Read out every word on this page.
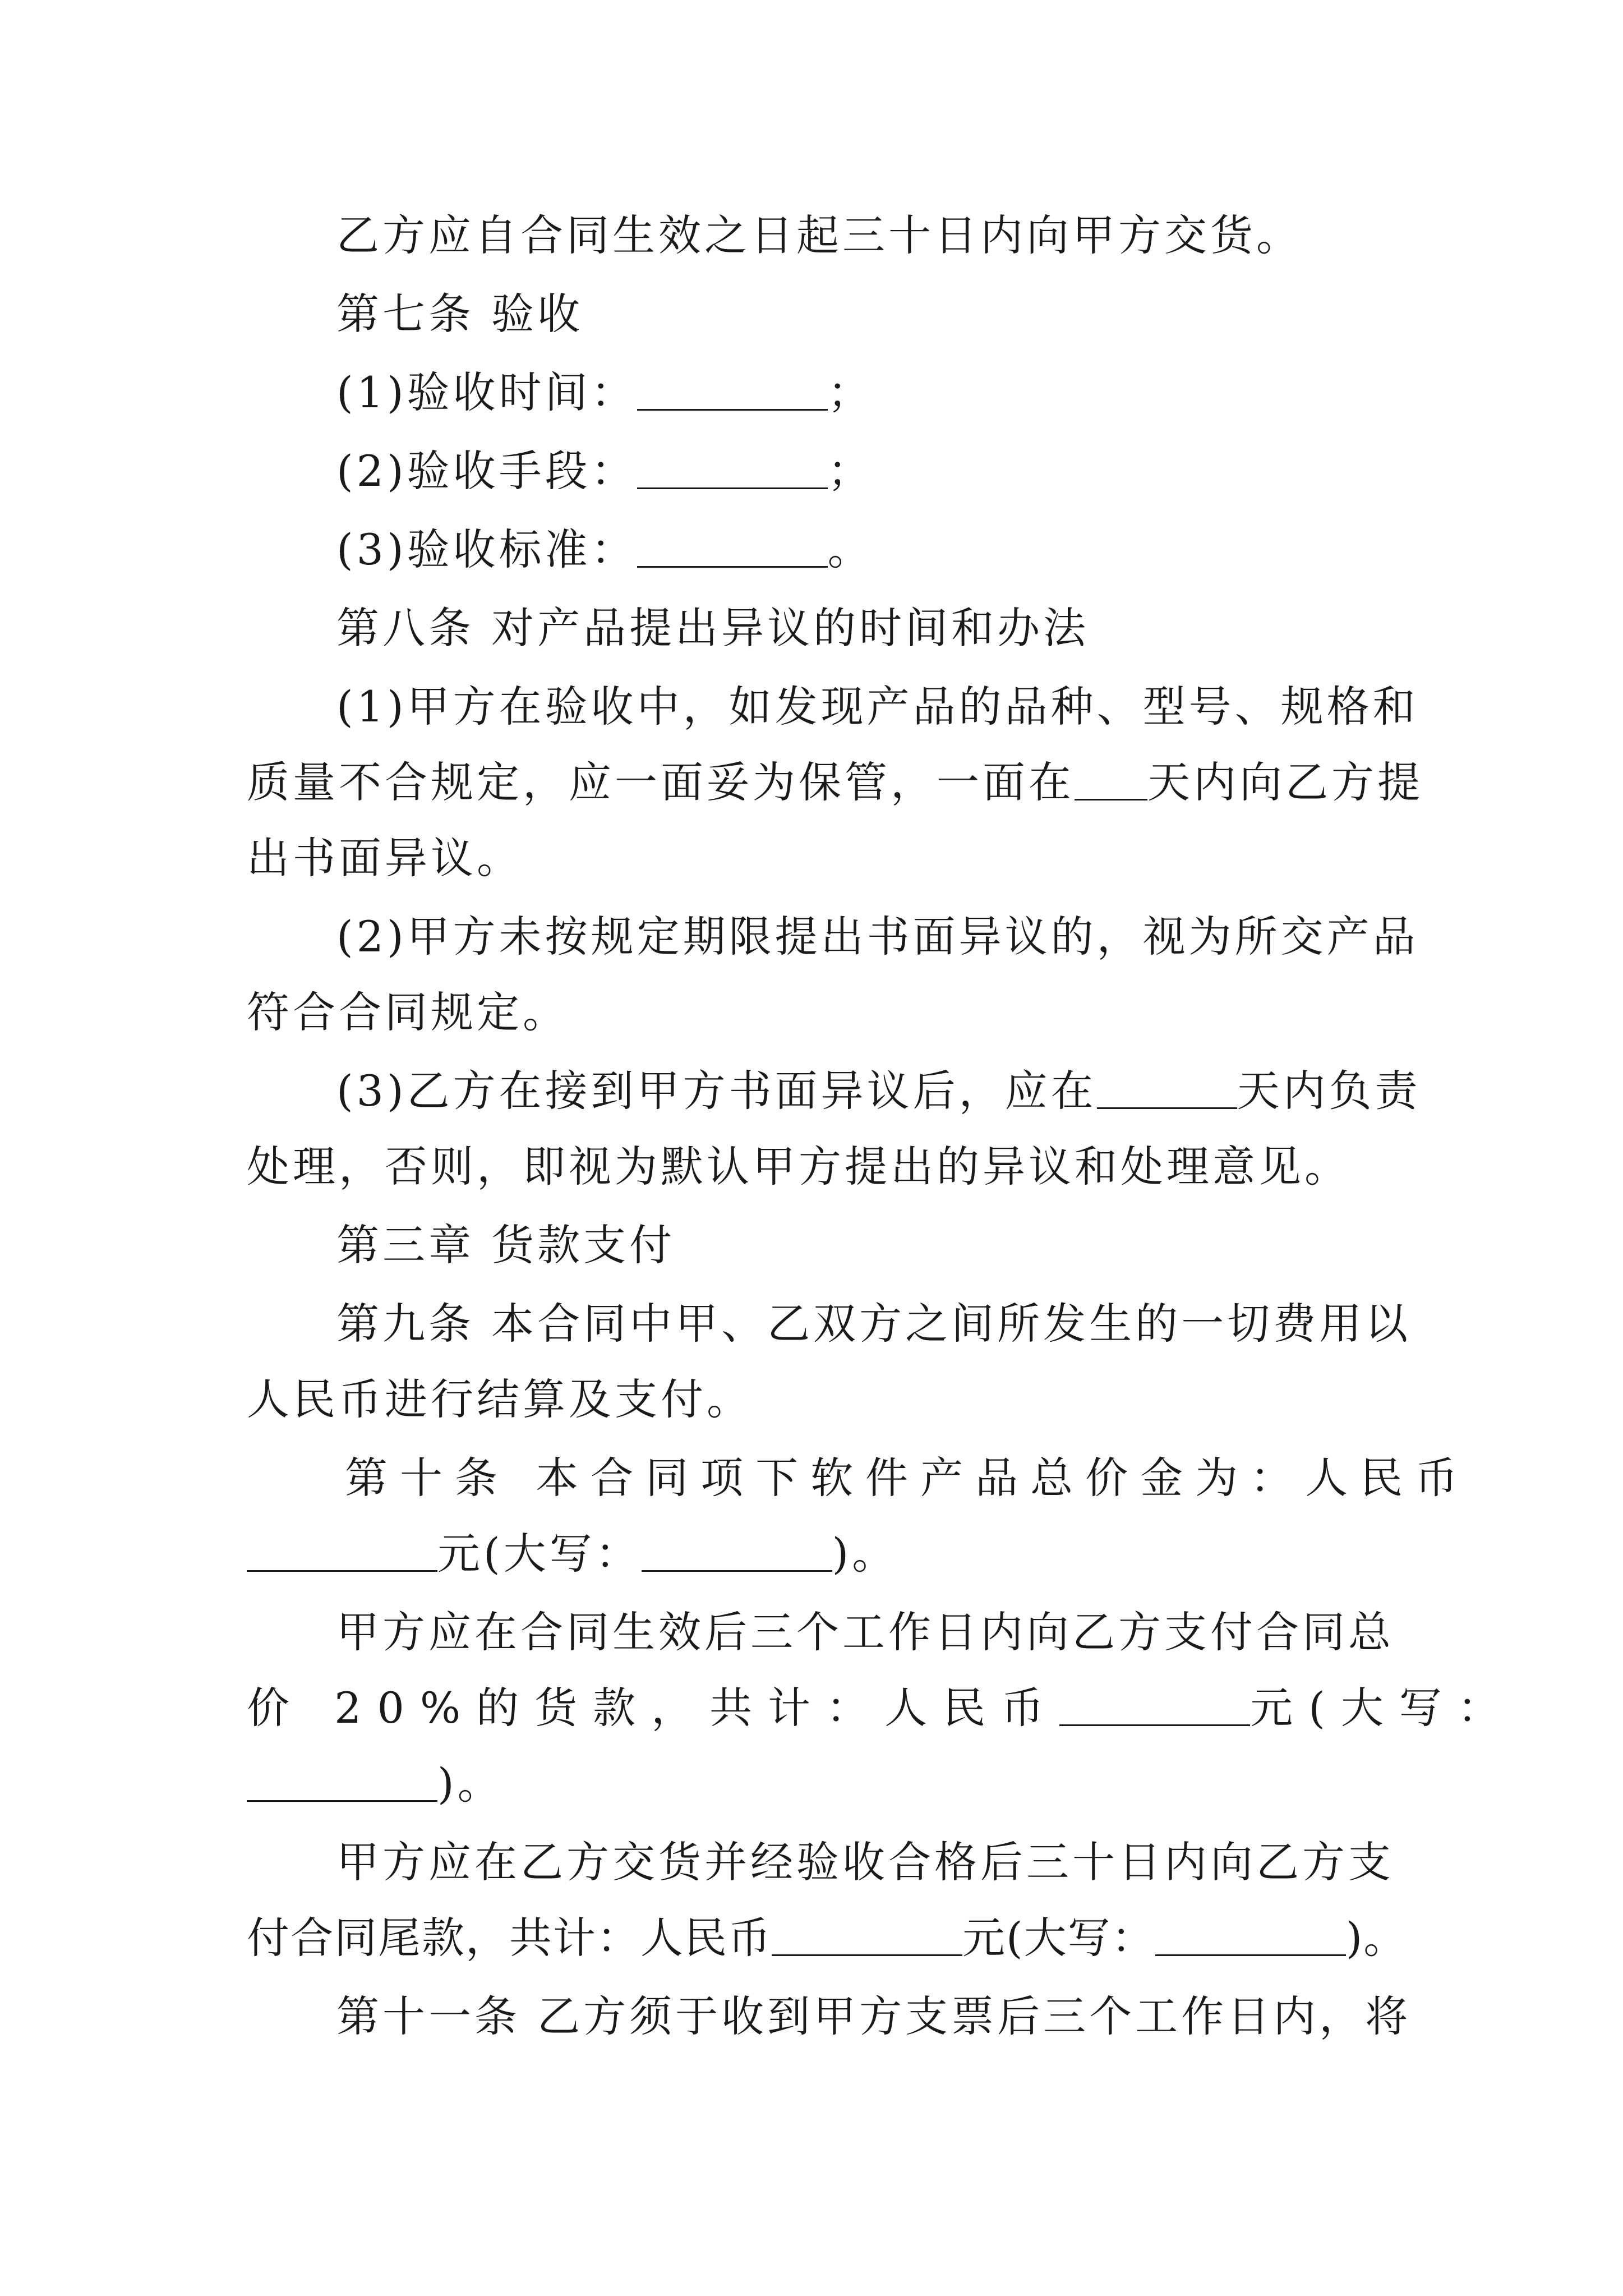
乙方应自合同生效之日起三十日内向甲方交货。
第七条 验收
(1)验收时间：	；
(2)验收手段：	；
(3)验收标准：	。
第八条 对产品提出异议的时间和办法
(1)甲方在验收中，如发现产品的品种、型号、规格和
质量不合规定，应一面妥为保管，一面在 天内向乙方提
出书面异议。
(2)甲方未按规定期限提出书面异议的，视为所交产品
符合合同规定。
(3)乙方在接到甲方书面异议后，应在	天内负责
处理，否则，即视为默认甲方提出的异议和处理意见。
第三章 货款支付
第九条 本合同中甲、乙双方之间所发生的一切费用以
人民币进行结算及支付。
第十条 本合同项下软件产品总价金为：人民币
元(大写：	)。
甲方应在合同生效后三个工作日内向乙方支付合同总
价 20%的货款，共计：人民币	元(大写：
)。
甲方应在乙方交货并经验收合格后三十日内向乙方支
付合同尾款，共计：人民币	元(大写：	)。
第十一条 乙方须于收到甲方支票后三个工作日内，将
